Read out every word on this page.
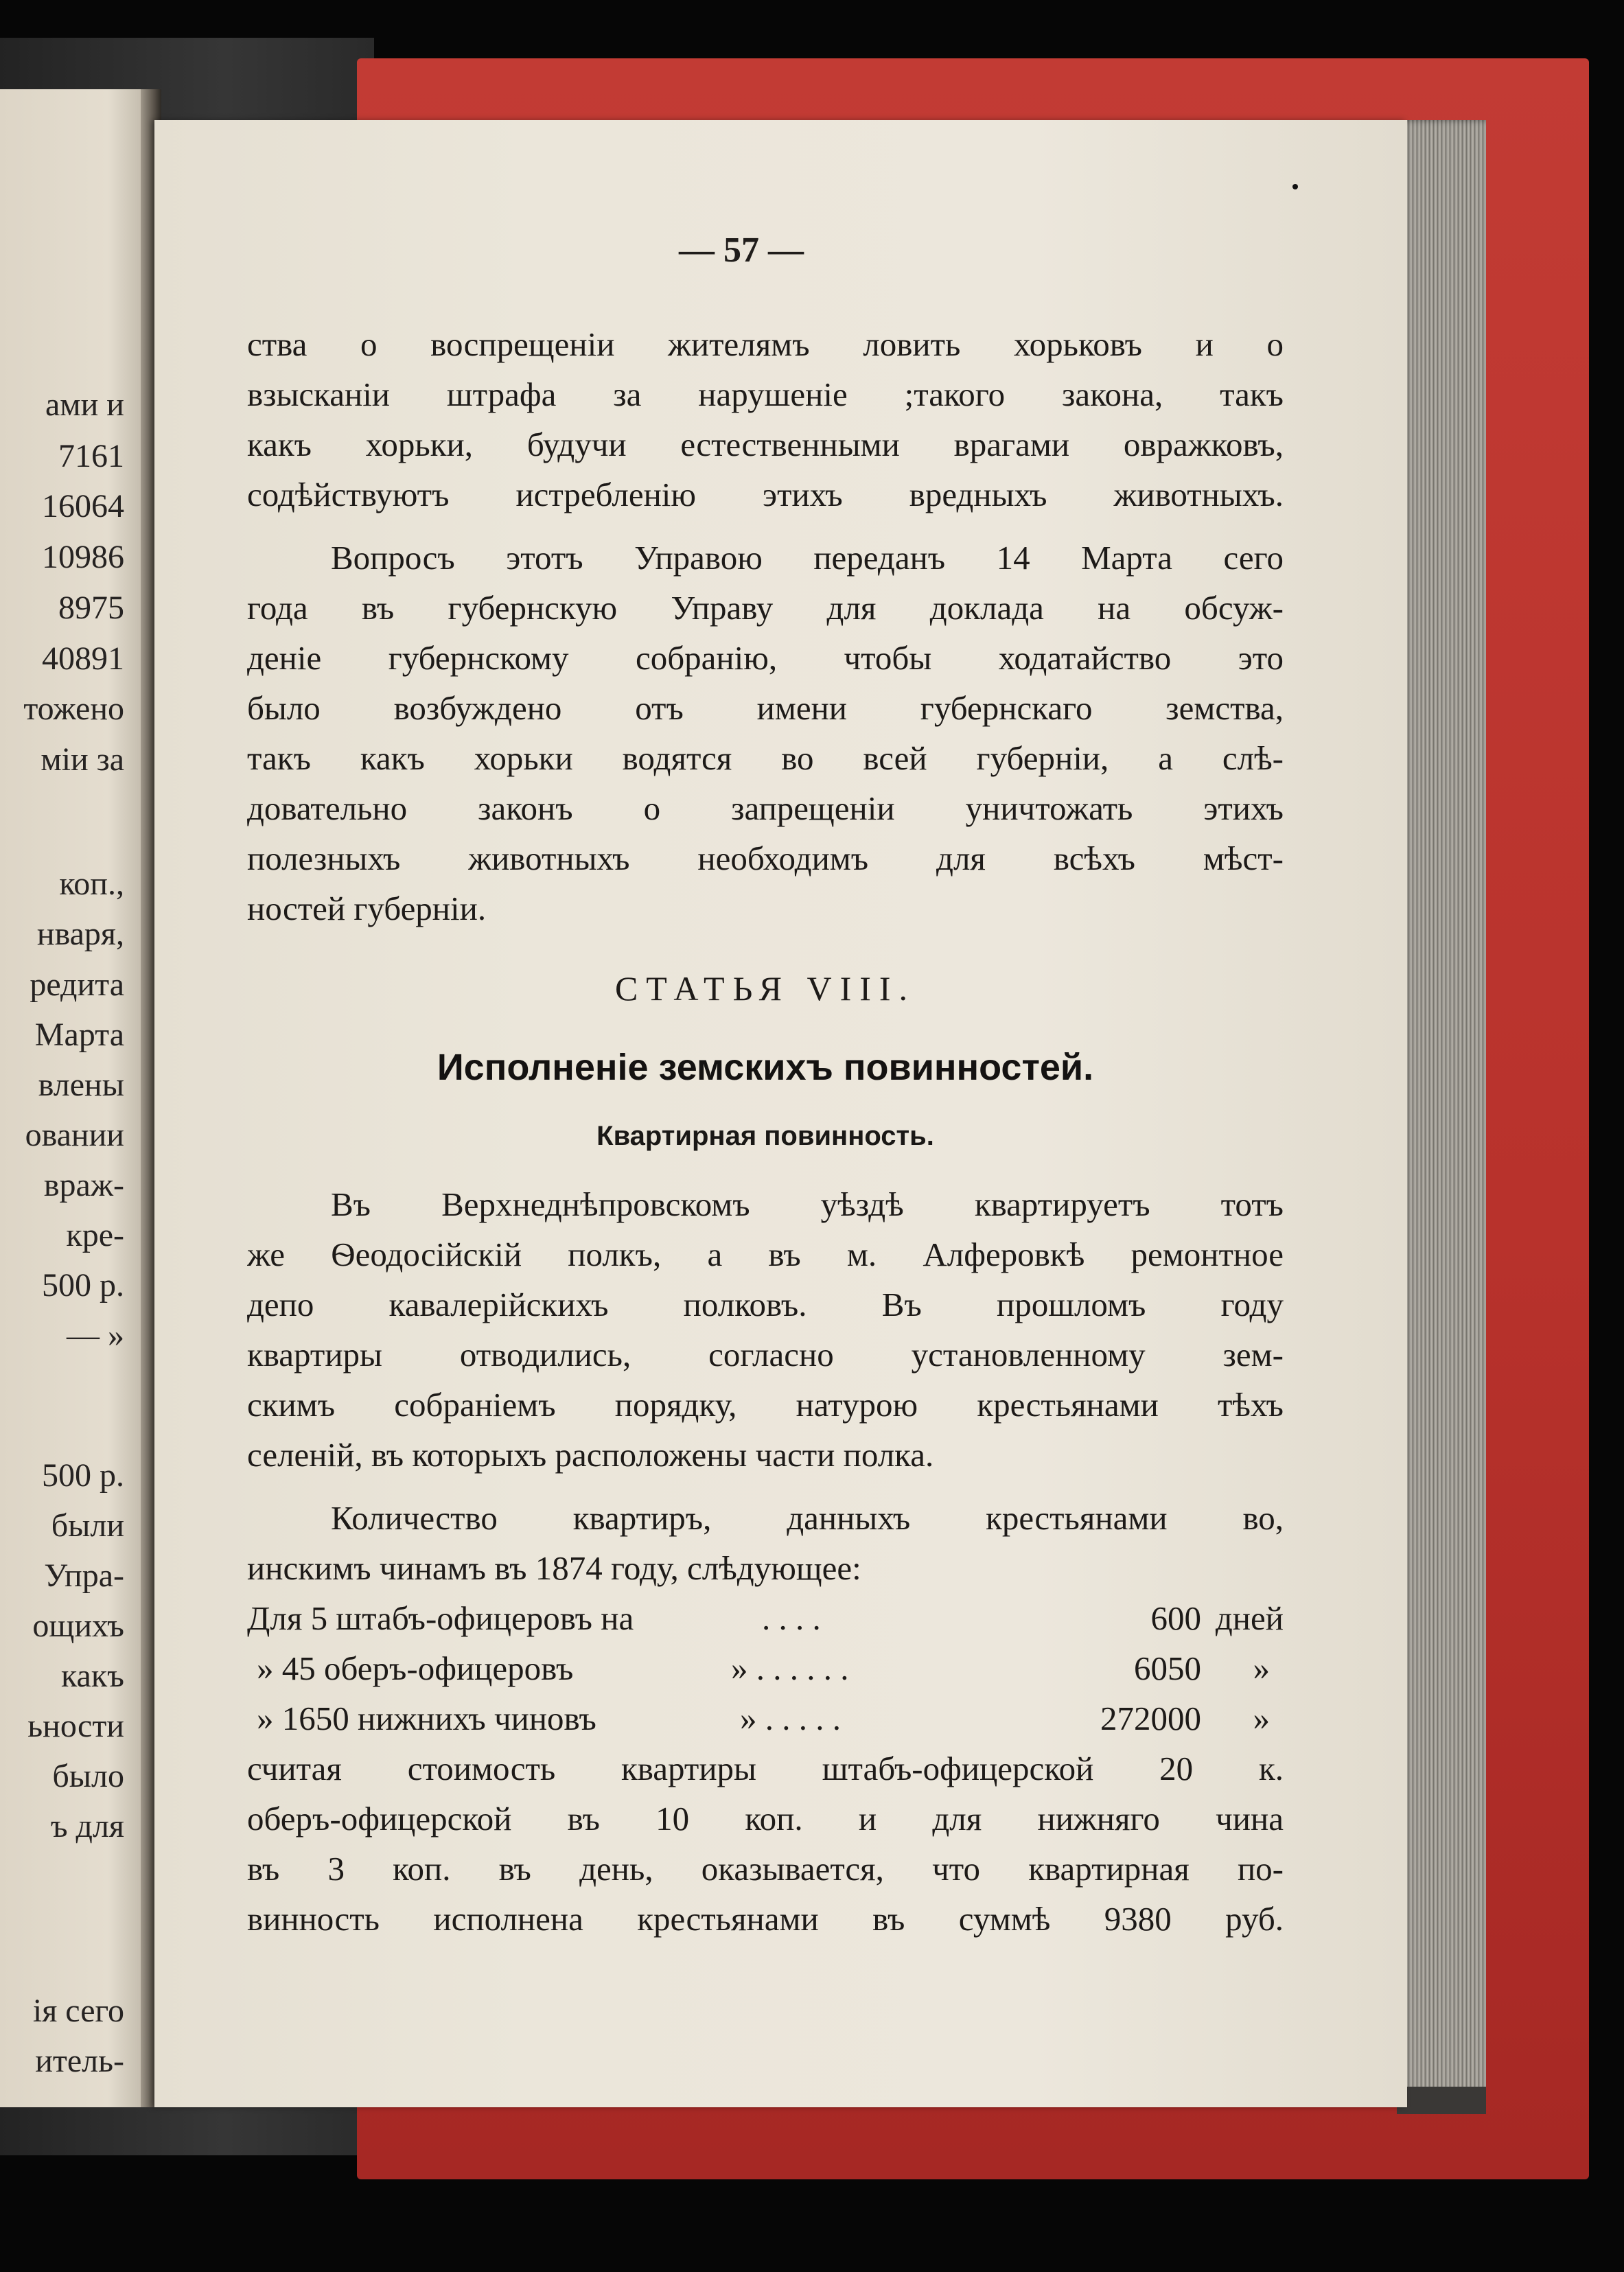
ами и
7161
16064
10986
8975
40891
тожено
мiи за
коп.,
нваря,
редита
Марта
влены
овании
враж-
кре-
500 р.
— »
500 р.
были
Упра-
ощихъ
какъ
ьности
было
ъ для
ія сего
итель-
— 57 —
ства о воспрещенiи жителямъ ловить хорьковъ и о
взысканiи штрафа за нарушенiе ;такого закона, такъ
какъ хорьки, будучи естественными врагами овражковъ,
содѣйствуютъ истребленiю этихъ вредныхъ животныхъ.
Вопросъ этотъ Управою переданъ 14 Марта сего
года въ губернскую Управу для доклада на обсуж-
денiе губернскому собранiю, чтобы ходатайство это
было возбуждено отъ имени губернскаго земства,
такъ какъ хорьки водятся во всей губернiи, а слѣ-
довательно законъ о запрещенiи уничтожать этихъ
полезныхъ животныхъ необходимъ для всѣхъ мѣст-
ностей губернiи.
СТАТЬЯ VIII.
Исполненiе земскихъ повинностей.
Квартирная повинность.
Въ Верхнеднѣпровскомъ уѣздѣ квартируетъ тотъ
же Ѳеодосiйскiй полкъ, а въ м. Алферовкѣ ремонтное
депо кавалерiйскихъ полковъ. Въ прошломъ году
квартиры отводились, согласно установленному зем-
скимъ собранiемъ порядку, натурою крестьянами тѣхъ
селенiй, въ которыхъ расположены части полка.
Количество квартиръ, данныхъ крестьянами во,
инскимъ чинамъ въ 1874 году, слѣдующее:
Для 5 штабъ-офицеровъ на	. . . .	600 дней
» 45 оберъ-офицеровъ	» . . . . . .	6050 »
» 1650 нижнихъ чиновъ	» . . . . .	272000 »
считая стоимость квартиры штабъ-офицерской 20 к.
оберъ-офицерской въ 10 коп. и для нижняго чина
въ 3 коп. въ день, оказывается, что квартирная по-
винность исполнена крестьянами въ суммѣ 9380 руб.
